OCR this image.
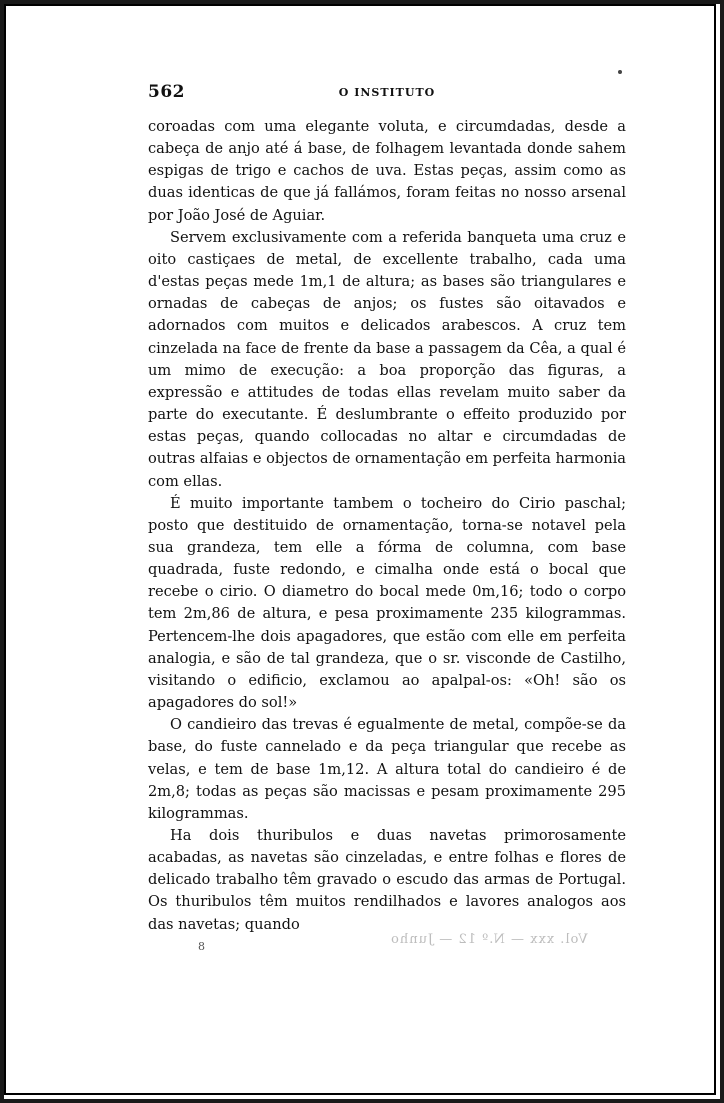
562	O INSTITUTO

coroadas com uma elegante voluta, e circumdadas, desde a cabeça de anjo até á base, de folhagem levantada donde sahem espigas de trigo e cachos de uva. Estas peças, assim como as duas identicas de que já fallámos, foram feitas no nosso arsenal por João José de Aguiar.

Servem exclusivamente com a referida banqueta uma cruz e oito castiçaes de metal, de excellente trabalho, cada uma d'estas peças mede 1m,1 de altura; as bases são triangulares e ornadas de cabeças de anjos; os fustes são oitavados e adornados com muitos e delicados arabescos. A cruz tem cinzelada na face de frente da base a passagem da Cêa, a qual é um mimo de execução: a boa proporção das figuras, a expressão e attitudes de todas ellas revelam muito saber da parte do executante. É deslumbrante o effeito produzido por estas peças, quando collocadas no altar e circumdadas de outras alfaias e objectos de ornamentação em perfeita harmonia com ellas.

É muito importante tambem o tocheiro do Cirio paschal; posto que destituido de ornamentação, torna-se notavel pela sua grandeza, tem elle a fórma de columna, com base quadrada, fuste redondo, e cimalha onde está o bocal que recebe o cirio. O diametro do bocal mede 0m,16; todo o corpo tem 2m,86 de altura, e pesa proximamente 235 kilogrammas. Pertencem-lhe dois apagadores, que estão com elle em perfeita analogia, e são de tal grandeza, que o sr. visconde de Castilho, visitando o edificio, exclamou ao apalpal-os: «Oh! são os apagadores do sol!»

O candieiro das trevas é egualmente de metal, compõe-se da base, do fuste cannelado e da peça triangular que recebe as velas, e tem de base 1m,12. A altura total do candieiro é de 2m,8; todas as peças são macissas e pesam proximamente 295 kilogrammas.

Ha dois thuribulos e duas navetas primorosamente acabadas, as navetas são cinzeladas, e entre folhas e flores de delicado trabalho têm gravado o escudo das armas de Portugal. Os thuribulos têm muitos rendilhados e lavores analogos aos das navetas; quando

8	Vol. xxx — N.º 12 — Junho
